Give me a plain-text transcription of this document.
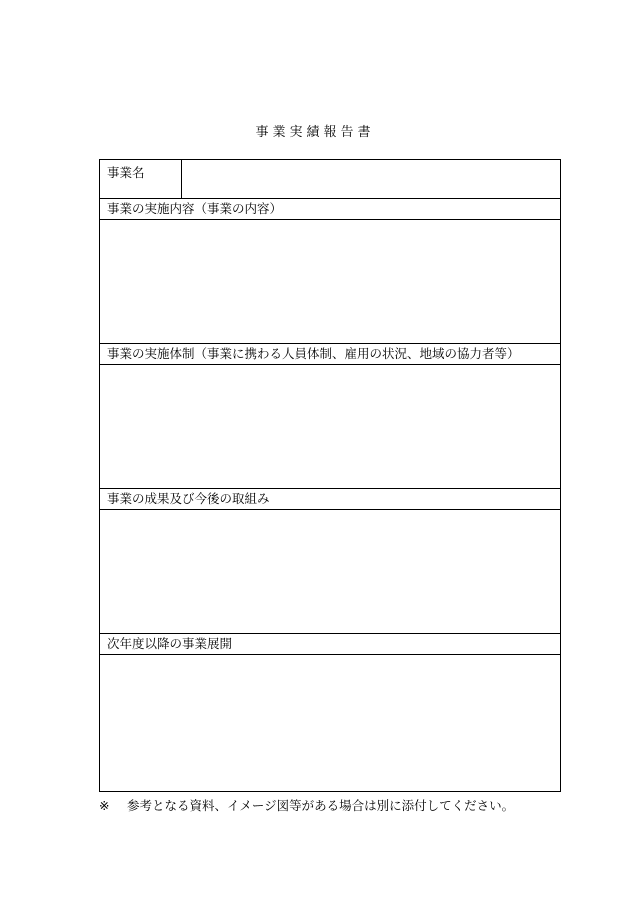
事業実績報告書
事業名
事業の実施内容（事業の内容）
事業の実施体制（事業に携わる人員体制、雇用の状況、地域の協力者等）
事業の成果及び今後の取組み
次年度以降の事業展開
※ 参考となる資料、イメージ図等がある場合は別に添付してください。
